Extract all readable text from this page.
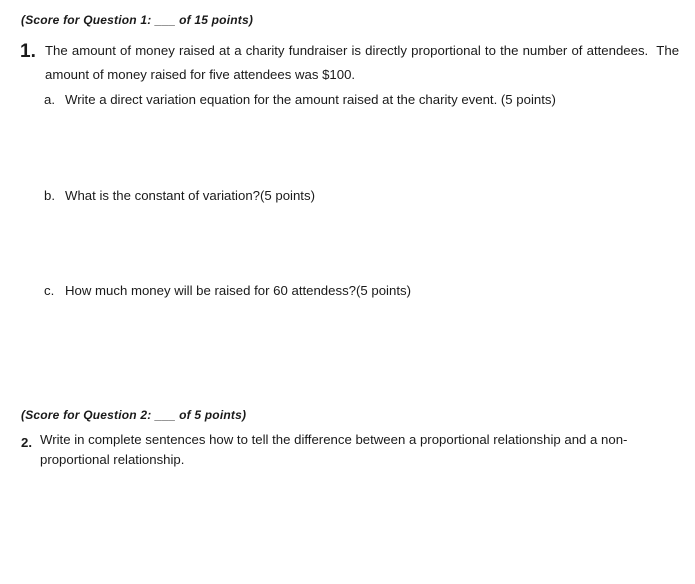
(Score for Question 1: ___ of 15 points)
1. The amount of money raised at a charity fundraiser is directly proportional to the number of attendees.  The
amount of money raised for five attendees was $100.
a. Write a direct variation equation for the amount raised at the charity event. (5 points)
b. What is the constant of variation?(5 points)
c. How much money will be raised for 60 attendess?(5 points)
(Score for Question 2: ___ of 5 points)
2. Write in complete sentences how to tell the difference between a proportional relationship and a non-
proportional relationship.
